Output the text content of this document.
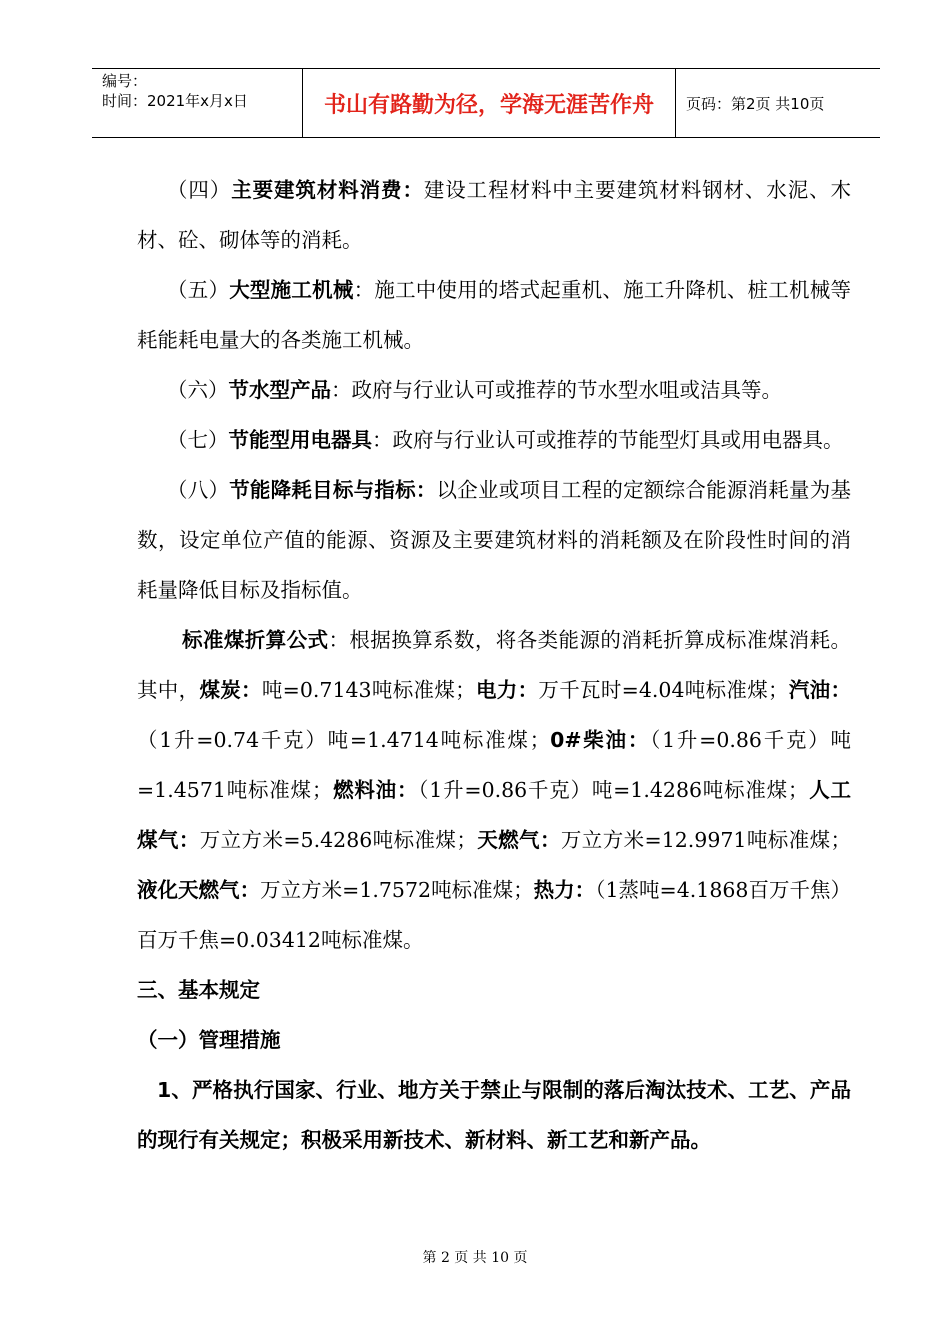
编号：
时间：2021年x月x日	书山有路勤为径，学海无涯苦作舟	页码：第2页 共10页

（四）主要建筑材料消费：建设工程材料中主要建筑材料钢材、水泥、木材、砼、砌体等的消耗。

（五）大型施工机械：施工中使用的塔式起重机、施工升降机、桩工机械等耗能耗电量大的各类施工机械。

（六）节水型产品：政府与行业认可或推荐的节水型水咀或洁具等。

（七）节能型用电器具：政府与行业认可或推荐的节能型灯具或用电器具。

（八）节能降耗目标与指标：以企业或项目工程的定额综合能源消耗量为基数，设定单位产值的能源、资源及主要建筑材料的消耗额及在阶段性时间的消耗量降低目标及指标值。

标准煤折算公式：根据换算系数，将各类能源的消耗折算成标准煤消耗。其中，煤炭：吨=0.7143吨标准煤；电力：万千瓦时=4.04吨标准煤；汽油：（1升=0.74千克）吨=1.4714吨标准煤；0#柴油：（1升=0.86千克）吨=1.4571吨标准煤；燃料油：（1升=0.86千克）吨=1.4286吨标准煤；人工煤气：万立方米=5.4286吨标准煤；天燃气：万立方米=12.9971吨标准煤；液化天燃气：万立方米=1.7572吨标准煤；热力：（1蒸吨=4.1868百万千焦）百万千焦=0.03412吨标准煤。

三、基本规定

（一）管理措施

1、严格执行国家、行业、地方关于禁止与限制的落后淘汰技术、工艺、产品的现行有关规定；积极采用新技术、新材料、新工艺和新产品。

第 2 页 共 10 页
